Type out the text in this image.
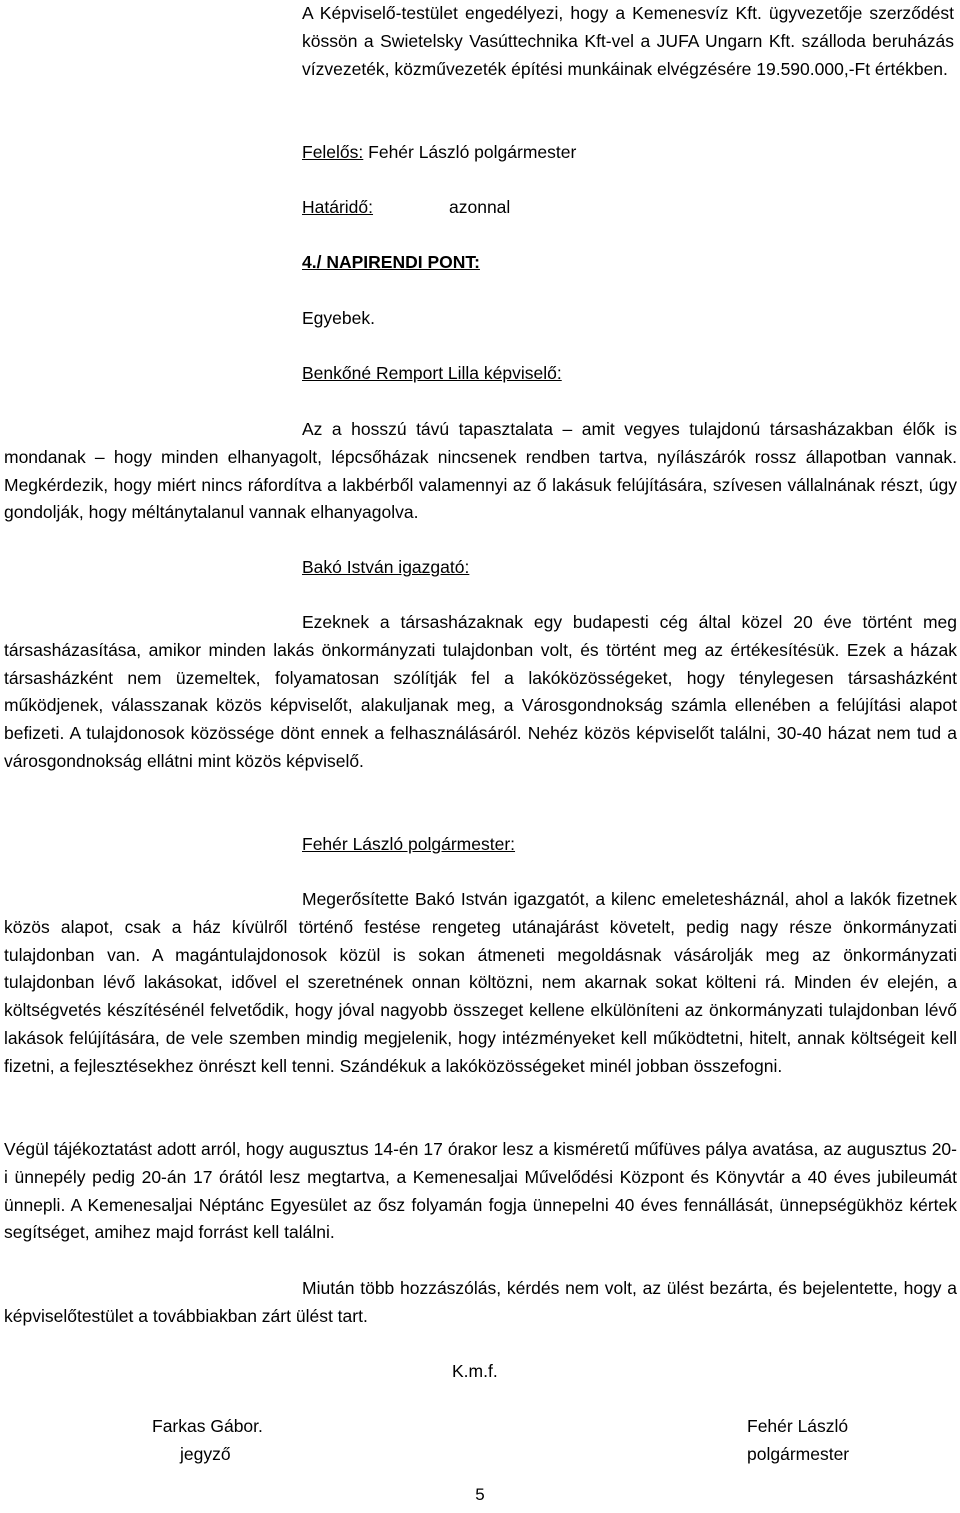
A Képviselő-testület engedélyezi, hogy a Kemenesvíz Kft. ügyvezetője szerződést kössön a Swietelsky Vasúttechnika Kft-vel a JUFA Ungarn Kft. szálloda beruházás vízvezeték, közművezeték építési munkáinak elvégzésére 19.590.000,-Ft értékben.

Felelős: Fehér László polgármester
Határidő:	azonnal
4./ NAPIRENDI PONT:
Egyebek.
Benkőné Remport Lilla képviselő:

Az a hosszú távú tapasztalata – amit vegyes tulajdonú társasházakban élők is mondanak – hogy minden elhanyagolt, lépcsőházak nincsenek rendben tartva, nyílászárók rossz állapotban vannak. Megkérdezik, hogy miért nincs ráfordítva a lakbérből valamennyi az ő lakásuk felújítására, szívesen vállalnának részt, úgy gondolják, hogy méltánytalanul vannak elhanyagolva.

Bakó István igazgató:

Ezeknek a társasházaknak egy budapesti cég által közel 20 éve történt meg társasházasítása, amikor minden lakás önkormányzati tulajdonban volt, és történt meg az értékesítésük. Ezek a házak társasházként nem üzemeltek, folyamatosan szólítják fel a lakóközösségeket, hogy ténylegesen társasházként működjenek, válasszanak közös képviselőt, alakuljanak meg, a Városgondnokság számla ellenében a felújítási alapot befizeti. A tulajdonosok közössége dönt ennek a felhasználásáról. Nehéz közös képviselőt találni, 30-40 házat nem tud a városgondnokság ellátni mint közös képviselő.

Fehér László polgármester:

Megerősítette Bakó István igazgatót, a kilenc emeletesháznál, ahol a lakók fizetnek közös alapot, csak a ház kívülről történő festése rengeteg utánajárást követelt, pedig nagy része önkormányzati tulajdonban van. A magántulajdonosok közül is sokan átmeneti megoldásnak vásárolják meg az önkormányzati tulajdonban lévő lakásokat, idővel el szeretnének onnan költözni, nem akarnak sokat költeni rá. Minden év elején, a költségvetés készítésénél felvetődik, hogy jóval nagyobb összeget kellene elkülöníteni az önkormányzati tulajdonban lévő lakások felújítására, de vele szemben mindig megjelenik, hogy intézményeket kell működtetni, hitelt, annak költségeit kell fizetni, a fejlesztésekhez önrészt kell tenni. Szándékuk a lakóközösségeket minél jobban összefogni.

Végül tájékoztatást adott arról, hogy augusztus 14-én 17 órakor lesz a kisméretű műfüves pálya avatása, az augusztus 20-i ünnepély pedig 20-án 17 órától lesz megtartva, a Kemenesaljai Művelődési Központ és Könyvtár a 40 éves jubileumát ünnepli. A Kemenesaljai Néptánc Egyesület az ősz folyamán fogja ünnepelni 40 éves fennállását, ünnepségükhöz kértek segítséget, amihez majd forrást kell találni.

Miután több hozzászólás, kérdés nem volt, az ülést bezárta, és bejelentette, hogy a képviselőtestület a továbbiakban zárt ülést tart.

K.m.f.
Farkas Gábor.
jegyző
Fehér László
polgármester
5
